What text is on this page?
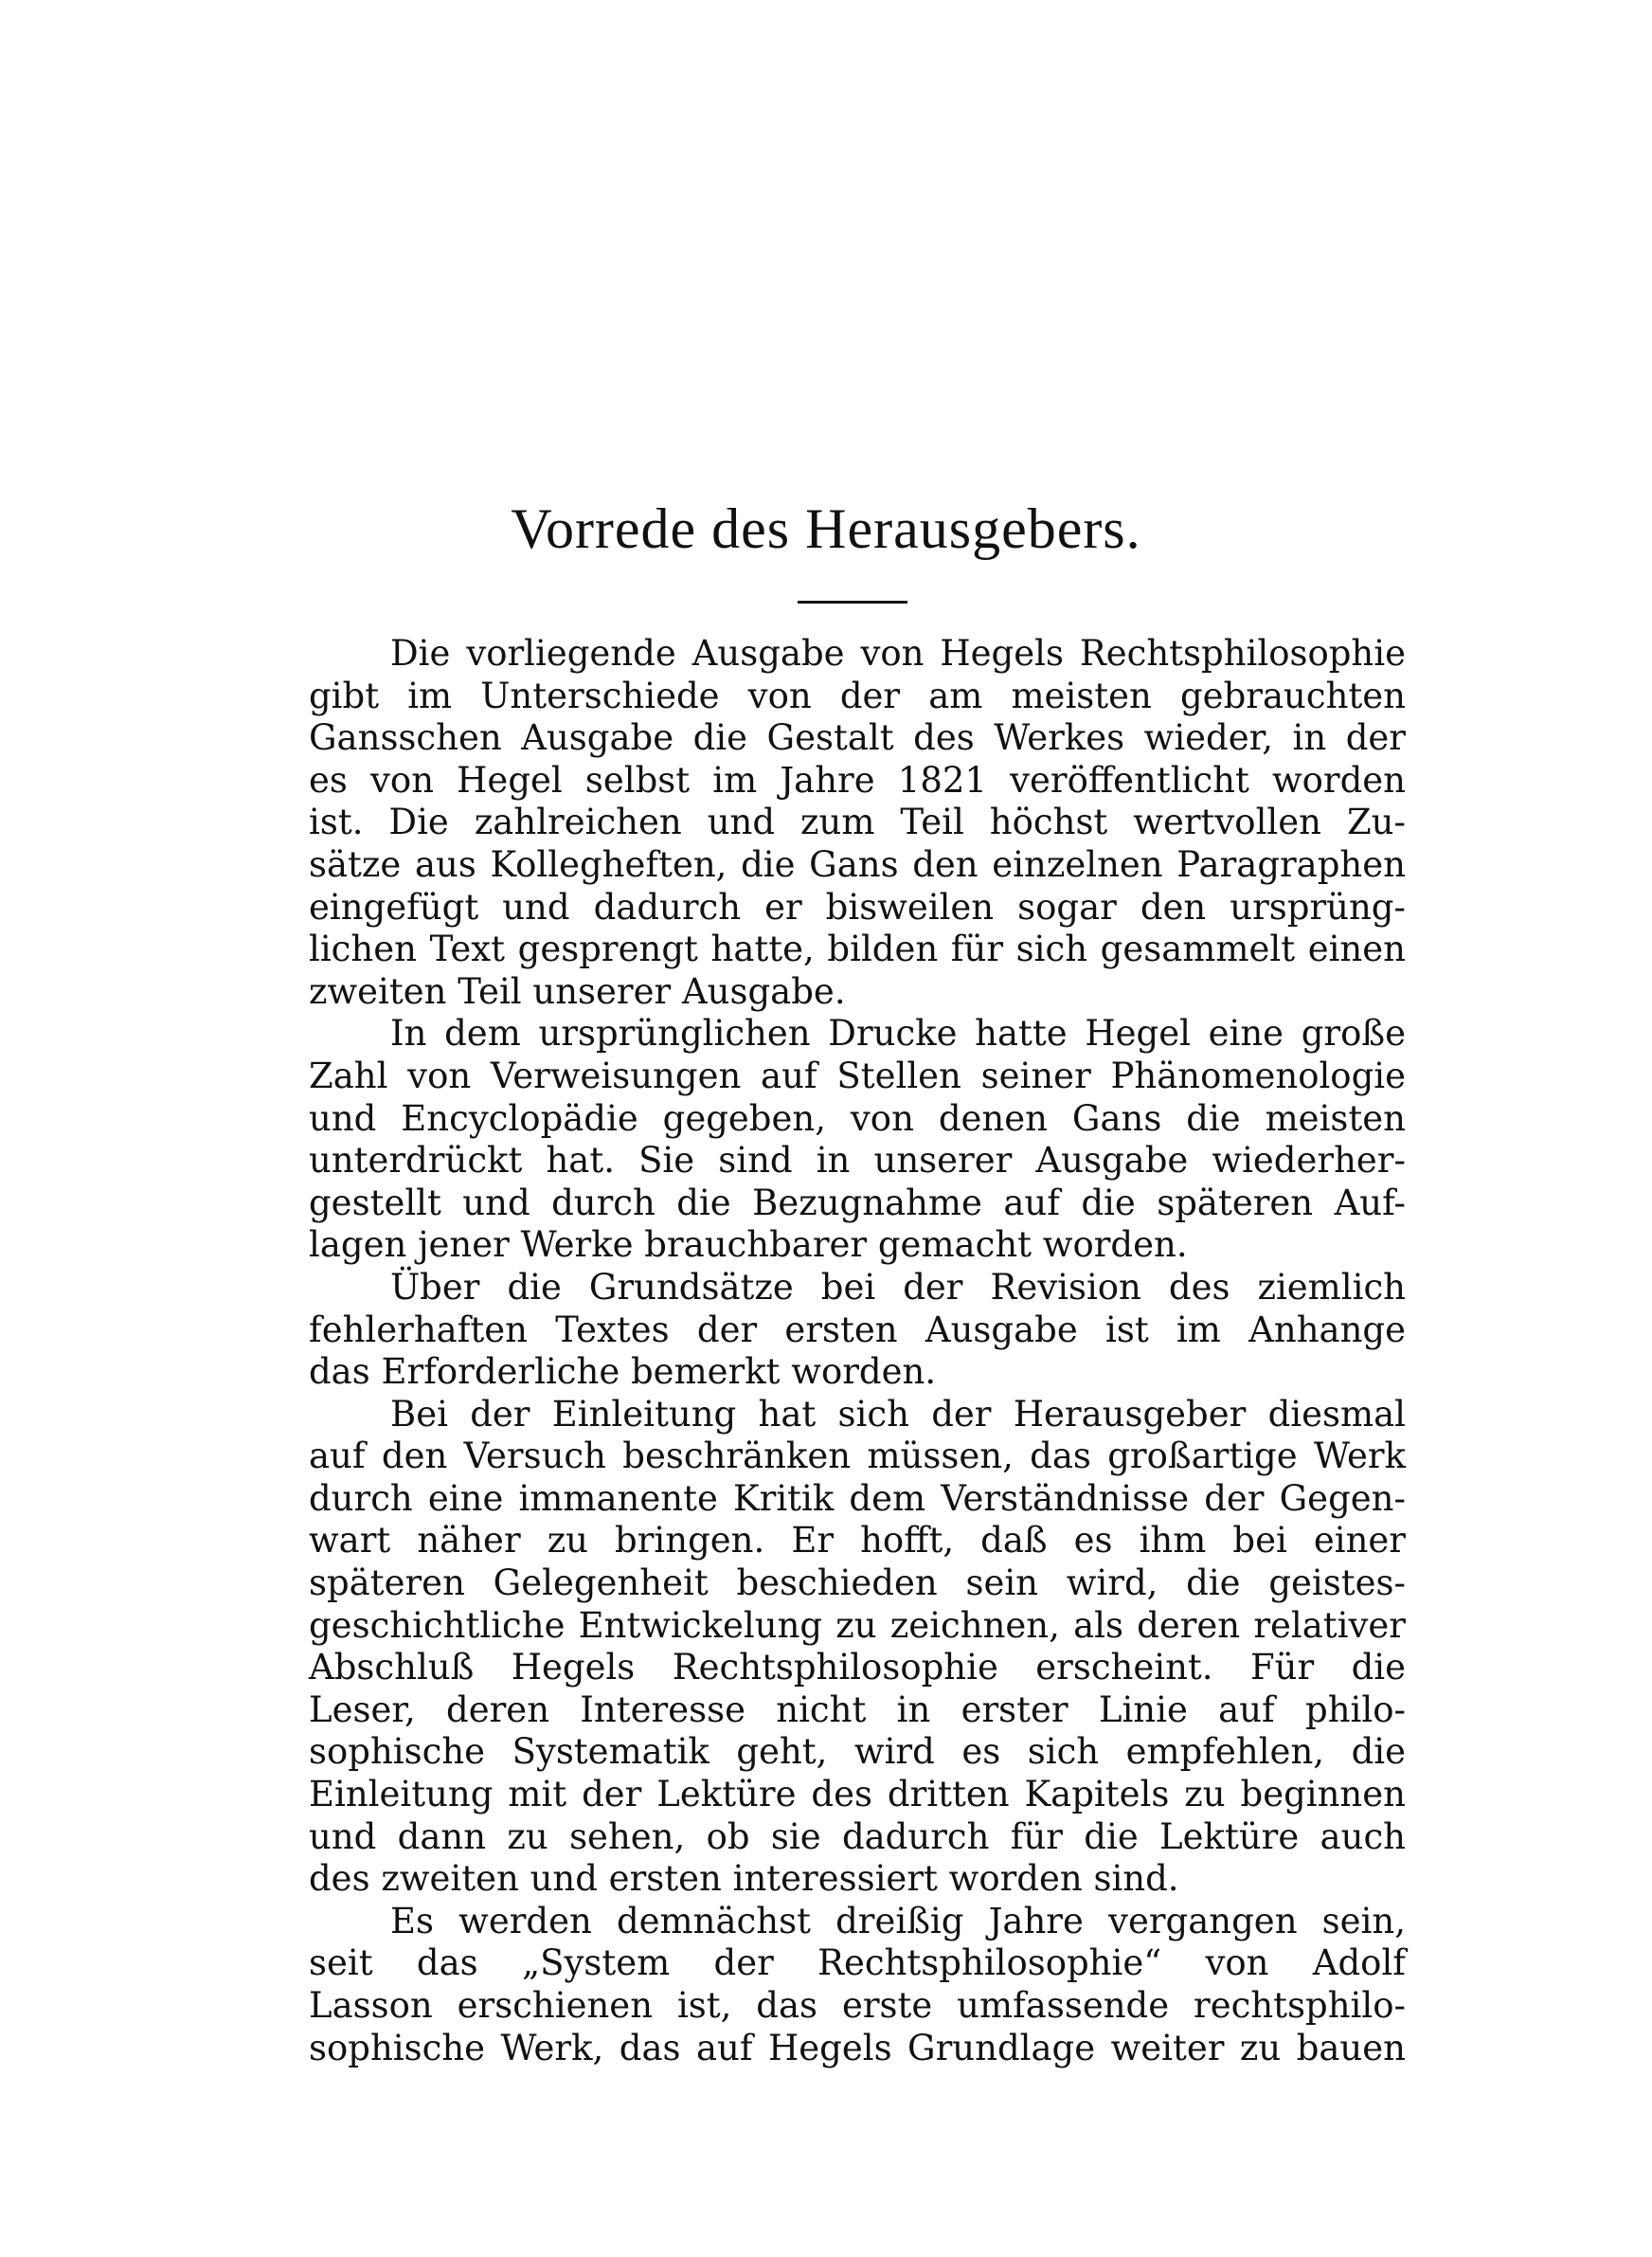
Vorrede des Herausgebers.
Die vorliegende Ausgabe von Hegels Rechtsphilosophie
gibt im Unterschiede von der am meisten gebrauchten
Gansschen Ausgabe die Gestalt des Werkes wieder, in der
es von Hegel selbst im Jahre 1821 veröffentlicht worden
ist. Die zahlreichen und zum Teil höchst wertvollen Zu-
sätze aus Kollegheften, die Gans den einzelnen Paragraphen
eingefügt und dadurch er bisweilen sogar den ursprüng-
lichen Text gesprengt hatte, bilden für sich gesammelt einen
zweiten Teil unserer Ausgabe.
In dem ursprünglichen Drucke hatte Hegel eine große
Zahl von Verweisungen auf Stellen seiner Phänomenologie
und Encyclopädie gegeben, von denen Gans die meisten
unterdrückt hat. Sie sind in unserer Ausgabe wiederher-
gestellt und durch die Bezugnahme auf die späteren Auf-
lagen jener Werke brauchbarer gemacht worden.
Über die Grundsätze bei der Revision des ziemlich
fehlerhaften Textes der ersten Ausgabe ist im Anhange
das Erforderliche bemerkt worden.
Bei der Einleitung hat sich der Herausgeber diesmal
auf den Versuch beschränken müssen, das großartige Werk
durch eine immanente Kritik dem Verständnisse der Gegen-
wart näher zu bringen. Er hofft, daß es ihm bei einer
späteren Gelegenheit beschieden sein wird, die geistes-
geschichtliche Entwickelung zu zeichnen, als deren relativer
Abschluß Hegels Rechtsphilosophie erscheint. Für die
Leser, deren Interesse nicht in erster Linie auf philo-
sophische Systematik geht, wird es sich empfehlen, die
Einleitung mit der Lektüre des dritten Kapitels zu beginnen
und dann zu sehen, ob sie dadurch für die Lektüre auch
des zweiten und ersten interessiert worden sind.
Es werden demnächst dreißig Jahre vergangen sein,
seit das „System der Rechtsphilosophie“ von Adolf
Lasson erschienen ist, das erste umfassende rechtsphilo-
sophische Werk, das auf Hegels Grundlage weiter zu bauen
